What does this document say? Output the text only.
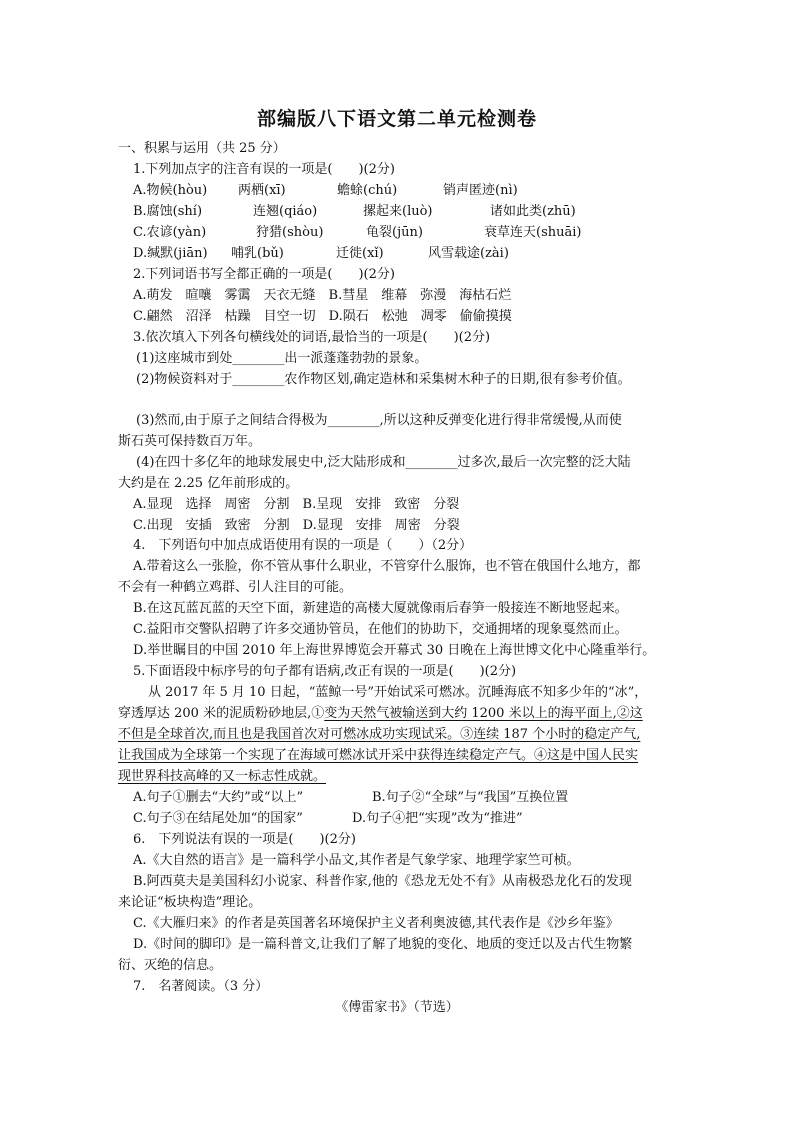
部编版八下语文第二单元检测卷
一、积累与运用（共 25 分）
1.下列加点字的注音有误的一项是(　　)(2分)
A.物候(hòu) 两栖(xī)	蟾蜍(chú)	销声匿迹(nì)
B.腐蚀(shí)	连翘(qiáo)	摞起来(luò)	诸如此类(zhū)
C.农谚(yàn)	狩猎(shòu)	龟裂(jūn)	衰草连天(shuāi)
D.缄默(jiān) 哺乳(bǔ)	迁徙(xǐ)	风雪载途(zài)
2.下列词语书写全都正确的一项是(　　)(2分)
A.萌发　暄嚷　雾霭　天衣无缝　B.彗星　维幕　弥漫　海枯石烂
C.翩然　沼泽　枯躁　目空一切　D.陨石　松弛　凋零　偷偷摸摸
3.依次填入下列各句横线处的词语,最恰当的一项是(　　)(2分)
(1)这座城市到处________出一派蓬蓬勃勃的景象。
(2)物候资料对于________农作物区划,确定造林和采集树木种子的日期,很有参考价值。
(3)然而,由于原子之间结合得极为________,所以这种反弹变化进行得非常缓慢,从而使
斯石英可保持数百万年。
(4)在四十多亿年的地球发展史中,泛大陆形成和________过多次,最后一次完整的泛大陆
大约是在 2.25 亿年前形成的。
A.显现　选择　周密　分割　B.呈现　安排　致密　分裂
C.出现　安插　致密　分割　D.显现　安排　周密　分裂
4.　下列语句中加点成语使用有误的一项是（　　）（2分）
A.带着这么一张脸，你不管从事什么职业，不管穿什么服饰，也不管在俄国什么地方，都
不会有一种鹤立鸡群、引人注目的可能。
B.在这瓦蓝瓦蓝的天空下面，新建造的高楼大厦就像雨后春笋一般接连不断地竖起来。
C.益阳市交警队招聘了许多交通协管员，在他们的协助下，交通拥堵的现象戛然而止。
D.举世瞩目的中国 2010 年上海世界博览会开幕式 30 日晚在上海世博文化中心隆重举行。
5.下面语段中标序号的句子都有语病,改正有误的一项是(　　)(2分)
从 2017 年 5 月 10 日起，“蓝鲸一号”开始试采可燃冰。沉睡海底不知多少年的“冰”，
穿透厚达 200 米的泥质粉砂地层,①变为天然气被输送到大约 1200 米以上的海平面上,②这
不但是全球首次,而且也是我国首次对可燃冰成功实现试采。③连续 187 个小时的稳定产气,
让我国成为全球第一个实现了在海域可燃冰试开采中获得连续稳定产气。④这是中国人民实
现世界科技高峰的又一标志性成就。
A.句子①删去“大约”或“以上”	B.句子②“全球”与“我国”互换位置
C.句子③在结尾处加“的国家”	D.句子④把“实现”改为“推进”
6.　下列说法有误的一项是(　　)(2分)
A.《大自然的语言》是一篇科学小品文,其作者是气象学家、地理学家竺可桢。
B.阿西莫夫是美国科幻小说家、科普作家,他的《恐龙无处不有》从南极恐龙化石的发现
来论证“板块构造”理论。
C.《大雁归来》的作者是英国著名环境保护主义者利奥波德,其代表作是《沙乡年鉴》
D.《时间的脚印》是一篇科普文,让我们了解了地貌的变化、地质的变迁以及古代生物繁
衍、灭绝的信息。
7.　名著阅读。（3 分）
《傅雷家书》（节选）
